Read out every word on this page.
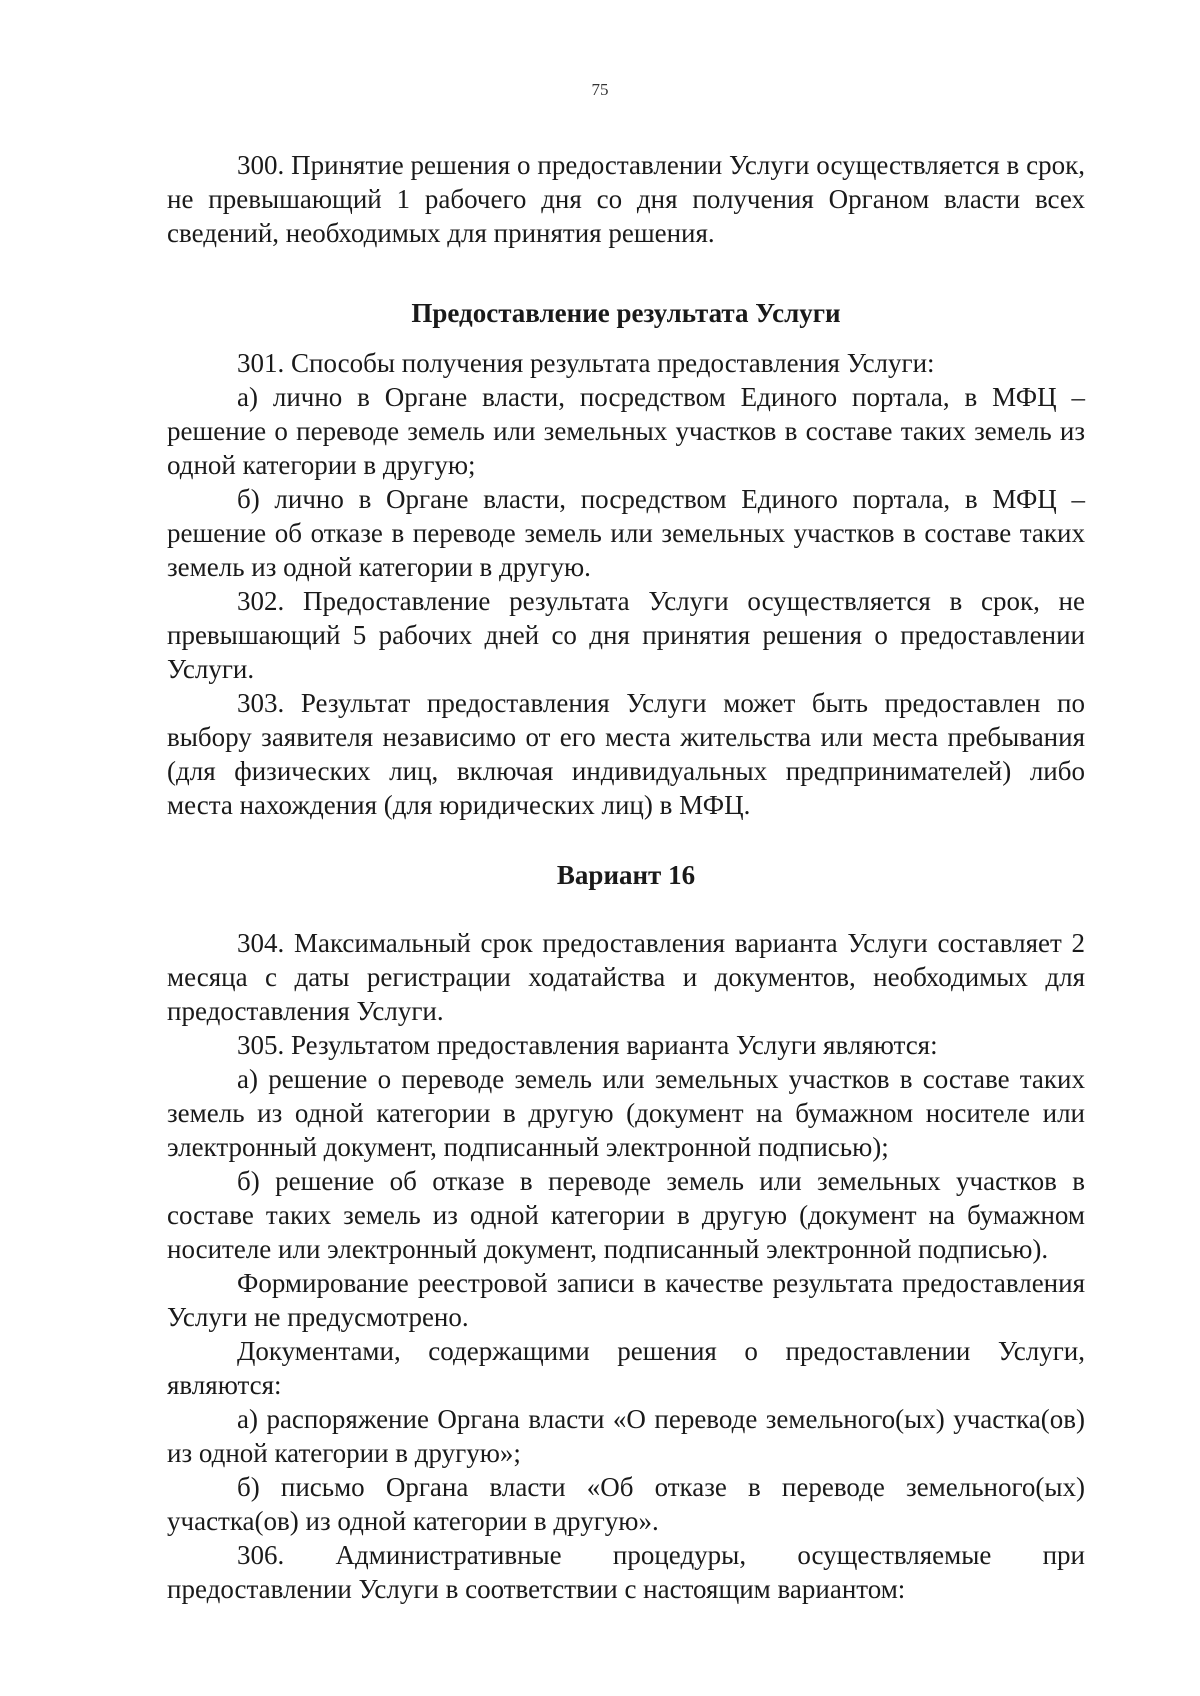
75

300. Принятие решения о предоставлении Услуги осуществляется в срок, не превышающий 1 рабочего дня со дня получения Органом власти всех сведений, необходимых для принятия решения.

Предоставление результата Услуги

301. Способы получения результата предоставления Услуги:

а) лично в Органе власти, посредством Единого портала, в МФЦ – решение о переводе земель или земельных участков в составе таких земель из одной категории в другую;

б) лично в Органе власти, посредством Единого портала, в МФЦ – решение об отказе в переводе земель или земельных участков в составе таких земель из одной категории в другую.

302. Предоставление результата Услуги осуществляется в срок, не превышающий 5 рабочих дней со дня принятия решения о предоставлении Услуги.

303. Результат предоставления Услуги может быть предоставлен по выбору заявителя независимо от его места жительства или места пребывания (для физических лиц, включая индивидуальных предпринимателей) либо места нахождения (для юридических лиц) в МФЦ.

Вариант 16

304. Максимальный срок предоставления варианта Услуги составляет 2 месяца с даты регистрации ходатайства и документов, необходимых для предоставления Услуги.

305. Результатом предоставления варианта Услуги являются:

а) решение о переводе земель или земельных участков в составе таких земель из одной категории в другую (документ на бумажном носителе или электронный документ, подписанный электронной подписью);

б) решение об отказе в переводе земель или земельных участков в составе таких земель из одной категории в другую (документ на бумажном носителе или электронный документ, подписанный электронной подписью).

Формирование реестровой записи в качестве результата предоставления Услуги не предусмотрено.

Документами, содержащими решения о предоставлении Услуги, являются:

а) распоряжение Органа власти «О переводе земельного(ых) участка(ов) из одной категории в другую»;

б) письмо Органа власти «Об отказе в переводе земельного(ых) участка(ов) из одной категории в другую».

306. Административные процедуры, осуществляемые при предоставлении Услуги в соответствии с настоящим вариантом:
